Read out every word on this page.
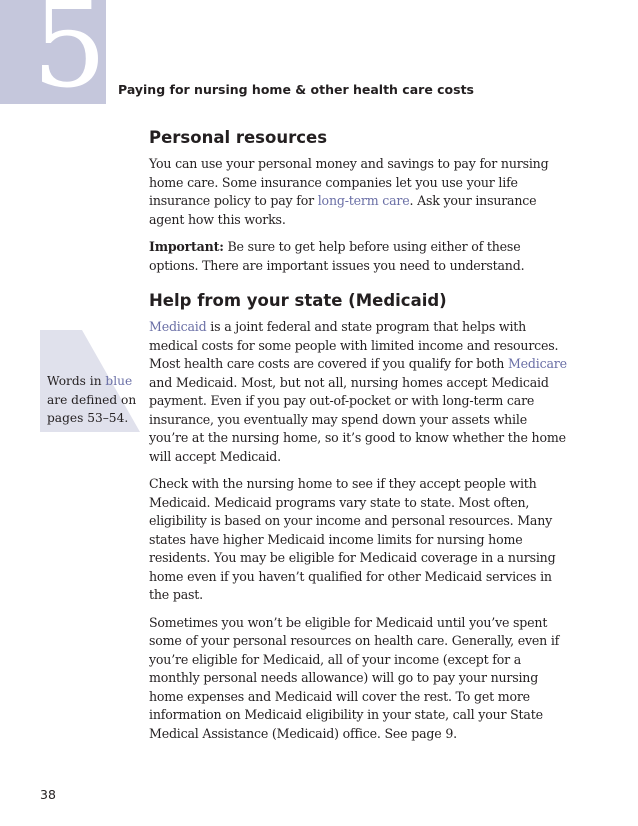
5 Paying for nursing home & other health care costs
Personal resources

You can use your personal money and savings to pay for nursing home care. Some insurance companies let you use your life insurance policy to pay for long-term care. Ask your insurance agent how this works.

Important: Be sure to get help before using either of these options. There are important issues you need to understand.

Help from your state (Medicaid)

Medicaid is a joint federal and state program that helps with medical costs for some people with limited income and resources. Most health care costs are covered if you qualify for both Medicare and Medicaid. Most, but not all, nursing homes accept Medicaid payment. Even if you pay out-of-pocket or with long-term care insurance, you eventually may spend down your assets while you’re at the nursing home, so it’s good to know whether the home will accept Medicaid.

Check with the nursing home to see if they accept people with Medicaid. Medicaid programs vary state to state. Most often, eligibility is based on your income and personal resources. Many states have higher Medicaid income limits for nursing home residents. You may be eligible for Medicaid coverage in a nursing home even if you haven’t qualified for other Medicaid services in the past.

Sometimes you won’t be eligible for Medicaid until you’ve spent some of your personal resources on health care. Generally, even if you’re eligible for Medicaid, all of your income (except for a monthly personal needs allowance) will go to pay your nursing home expenses and Medicaid will cover the rest. To get more information on Medicaid eligibility in your state, call your State Medical Assistance (Medicaid) office. See page 9.

Words in blue are defined on pages 53–54.
38
